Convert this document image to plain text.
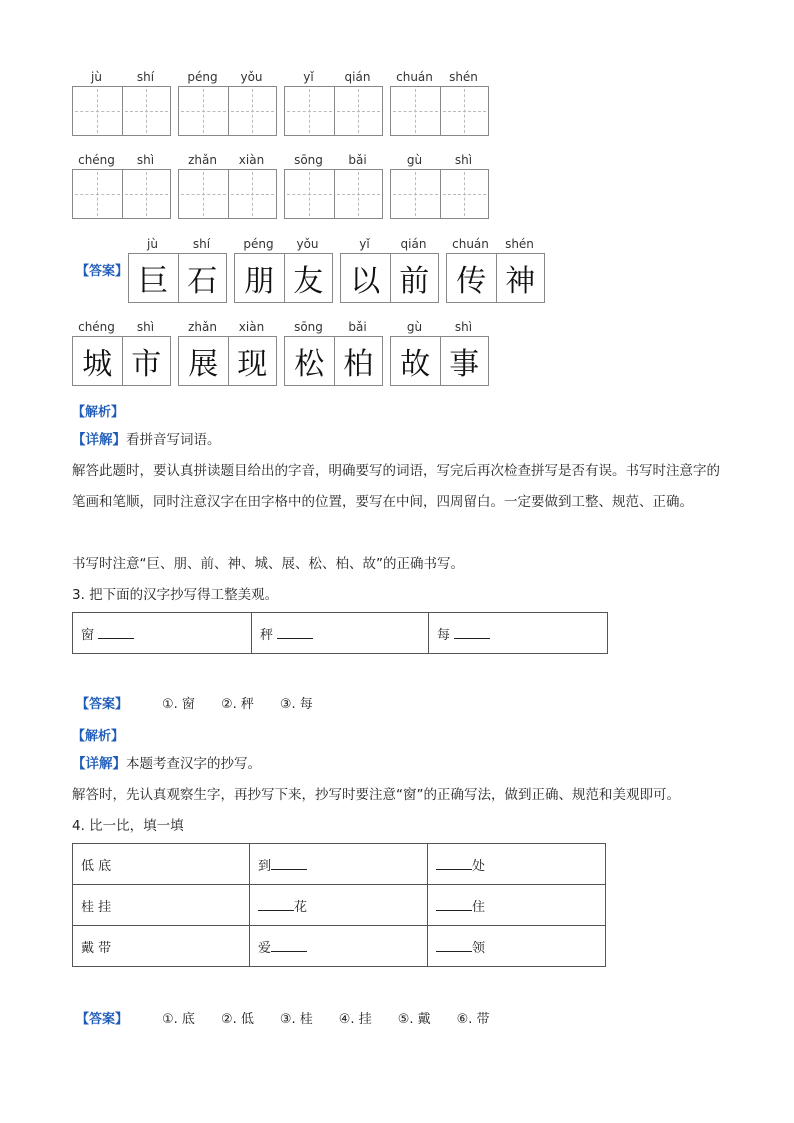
jù	shí	péng	yǒu	yǐ	qián	chuán	shén
chéng	shì	zhǎn	xiàn	sōng	bǎi	gù	shì
【答案】
jù	shí
巨 石
péng	yǒu
朋 友
yǐ	qián
以 前
chuán	shén
传 神
chéng	shì
城 市
zhǎn	xiàn
展 现
sōng	bǎi
松 柏
gù	shì
故 事
【解析】
【详解】看拼音写词语。
解答此题时，要认真拼读题目给出的字音，明确要写的词语，写完后再次检查拼写是否有误。书写时注意字的笔画和笔顺，同时注意汉字在田字格中的位置，要写在中间，四周留白。一定要做到工整、规范、正确。
书写时注意“巨、朋、前、神、城、展、松、柏、故”的正确书写。
3. 把下面的汉字抄写得工整美观。
窗	秤	每
【答案】	①. 窗 ②. 秤 ③. 每
【解析】
【详解】本题考查汉字的抄写。
解答时，先认真观察生字，再抄写下来，抄写时要注意“窗”的正确写法，做到正确、规范和美观即可。
4. 比一比，填一填
低 底	到	处
桂 挂	花	住
戴 带	爱	领
【答案】	①. 底 ②. 低 ③. 桂 ④. 挂 ⑤. 戴 ⑥. 带
